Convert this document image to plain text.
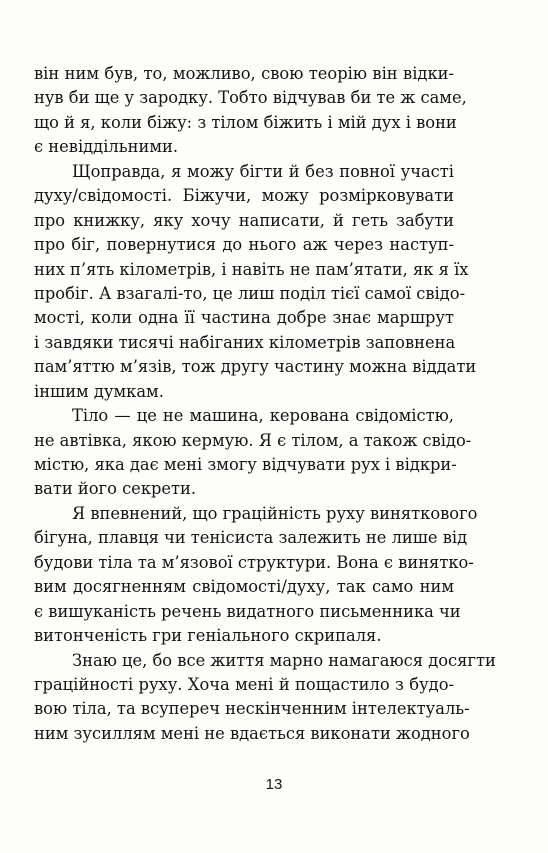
він ним був, то, можливо, свою теорію він відки-
нув би ще у зародку. Тобто відчував би те ж саме,
що й я, коли біжу: з тілом біжить і мій дух і вони
є невіддільними.
Щоправда, я можу бігти й без повної участі
духу/свідомості. Біжучи, можу розмірковувати
про книжку, яку хочу написати, й геть забути
про біг, повернутися до нього аж через наступ-
них п’ять кілометрів, і навіть не пам’ятати, як я їх
пробіг. А взагалі-то, це лиш поділ тієї самої свідо-
мості, коли одна її частина добре знає маршрут
і завдяки тисячі набіганих кілометрів заповнена
пам’яттю м’язів, тож другу частину можна віддати
іншим думкам.
Тіло — це не машина, керована свідомістю,
не автівка, якою кермую. Я є тілом, а також свідо-
містю, яка дає мені змогу відчувати рух і відкри-
вати його секрети.
Я впевнений, що граційність руху виняткового
бігуна, плавця чи тенісиста залежить не лише від
будови тіла та м’язової структури. Вона є винятко-
вим досягненням свідомості/духу, так само ним
є вишуканість речень видатного письменника чи
витонченість гри геніального скрипаля.
Знаю це, бо все життя марно намагаюся досягти
граційності руху. Хоча мені й пощастило з будо-
вою тіла, та всупереч нескінченним інтелектуаль-
ним зусиллям мені не вдається виконати жодного
13
